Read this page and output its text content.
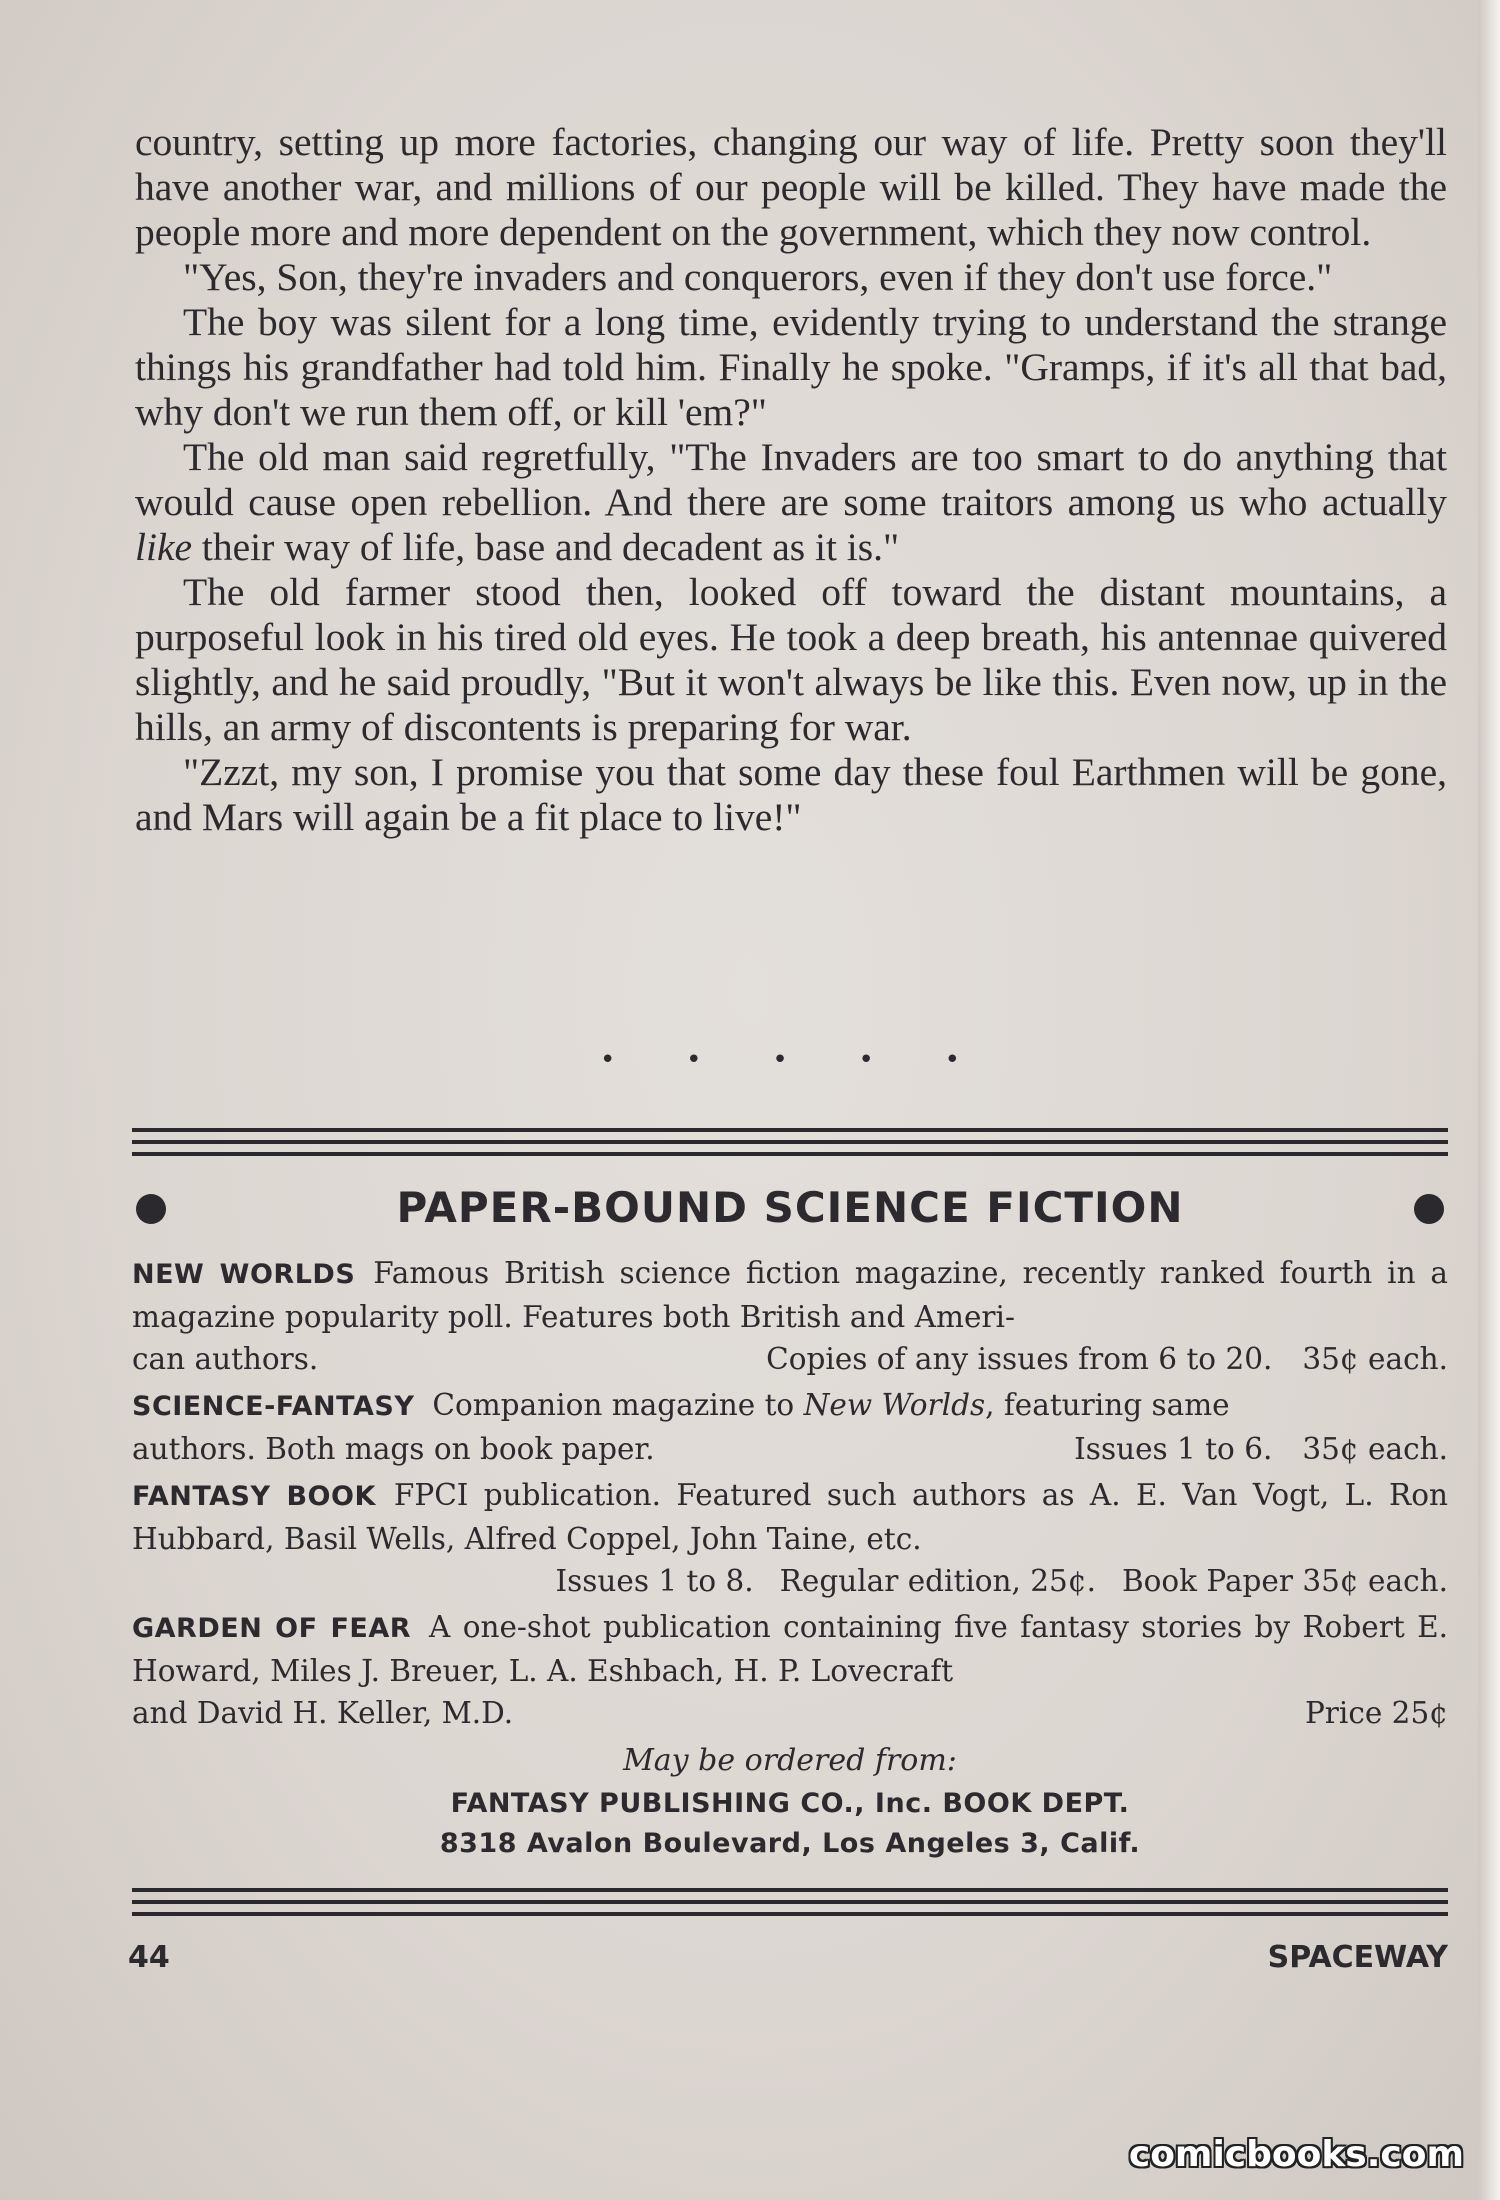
country, setting up more factories, changing our way of life. Pretty soon they'll have another war, and millions of our people will be killed. They have made the people more and more dependent on the government, which they now control.

"Yes, Son, they're invaders and conquerors, even if they don't use force."

The boy was silent for a long time, evidently trying to understand the strange things his grandfather had told him. Finally he spoke. "Gramps, if it's all that bad, why don't we run them off, or kill 'em?"

The old man said regretfully, "The Invaders are too smart to do anything that would cause open rebellion. And there are some traitors among us who actually like their way of life, base and decadent as it is."

The old farmer stood then, looked off toward the distant mountains, a purposeful look in his tired old eyes. He took a deep breath, his antennae quivered slightly, and he said proudly, "But it won't always be like this. Even now, up in the hills, an army of discontents is preparing for war.

"Zzzt, my son, I promise you that some day these foul Earthmen will be gone, and Mars will again be a fit place to live!"

•	•	•	•	•
PAPER-BOUND SCIENCE FICTION
NEW WORLDS Famous British science fiction magazine, recently ranked fourth in a magazine popularity poll. Features both British and Ameri-
can authors.	Copies of any issues from 6 to 20. 35¢ each.
SCIENCE-FANTASY Companion magazine to New Worlds, featuring same
authors. Both mags on book paper.	Issues 1 to 6. 35¢ each.
FANTASY BOOK FPCI publication. Featured such authors as A. E. Van Vogt, L. Ron Hubbard, Basil Wells, Alfred Coppel, John Taine, etc.
Issues 1 to 8. Regular edition, 25¢. Book Paper 35¢ each.
GARDEN OF FEAR A one-shot publication containing five fantasy stories by Robert E. Howard, Miles J. Breuer, L. A. Eshbach, H. P. Lovecraft
and David H. Keller, M.D.	Price 25¢
May be ordered from:
FANTASY PUBLISHING CO., Inc. BOOK DEPT.
8318 Avalon Boulevard, Los Angeles 3, Calif.
44	SPACEWAY
comicbooks.com
